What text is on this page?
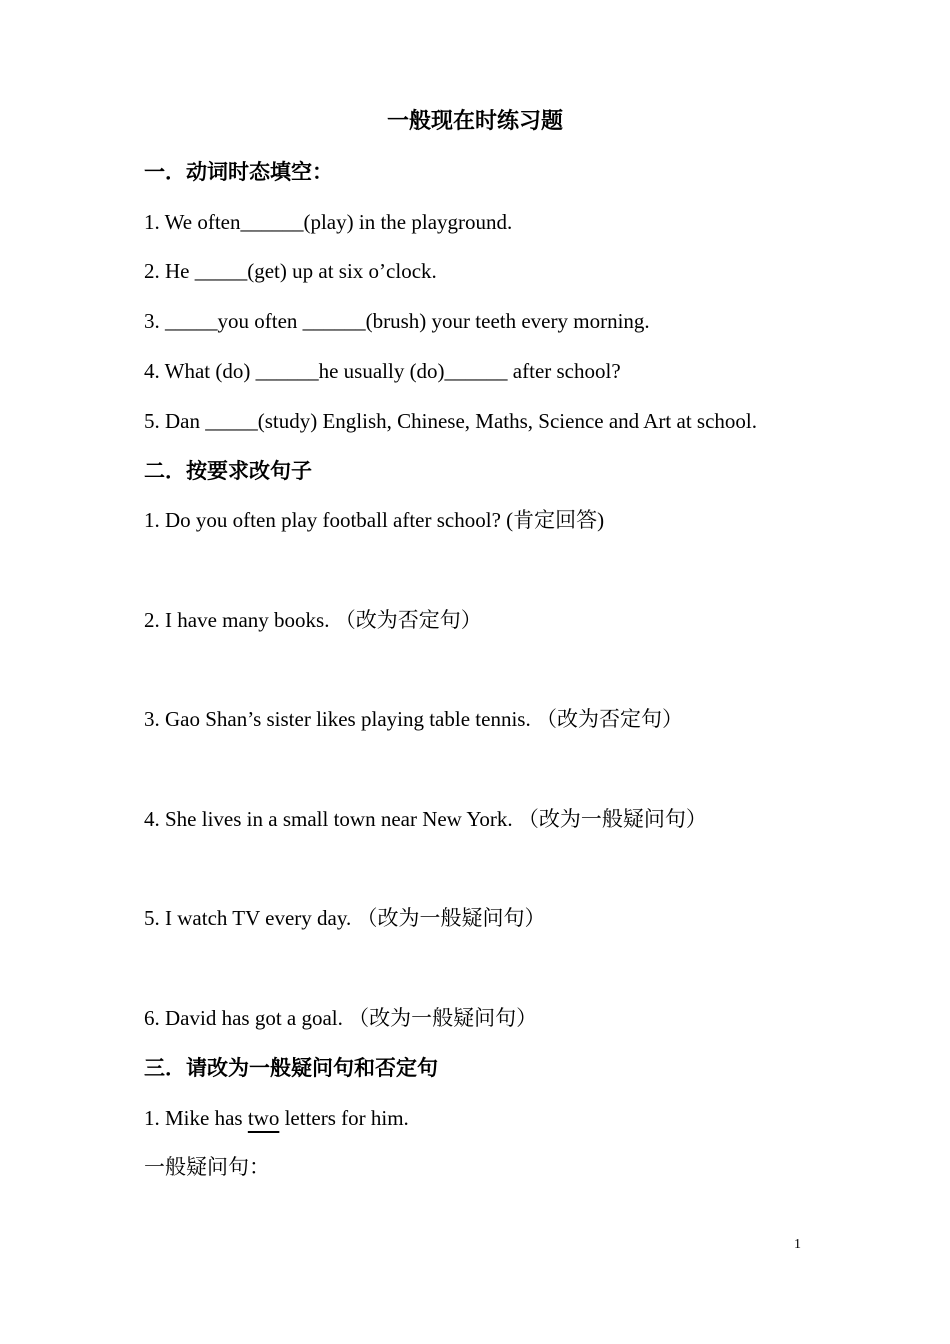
一般现在时练习题
一．动词时态填空：
1. We often______(play) in the playground.
2. He _____(get) up at six o’clock.
3. _____you often ______(brush) your teeth every morning.
4. What (do) ______he usually (do)______ after school?
5. Dan _____(study) English, Chinese, Maths, Science and Art at school.
二．按要求改句子
1. Do you often play football after school? (肯定回答)
2. I have many books. （改为否定句）
3. Gao Shan’s sister likes playing table tennis. （改为否定句）
4. She lives in a small town near New York. （改为一般疑问句）
5. I watch TV every day. （改为一般疑问句）
6. David has got a goal. （改为一般疑问句）
三．请改为一般疑问句和否定句
1. Mike has two letters for him.
一般疑问句：
1
